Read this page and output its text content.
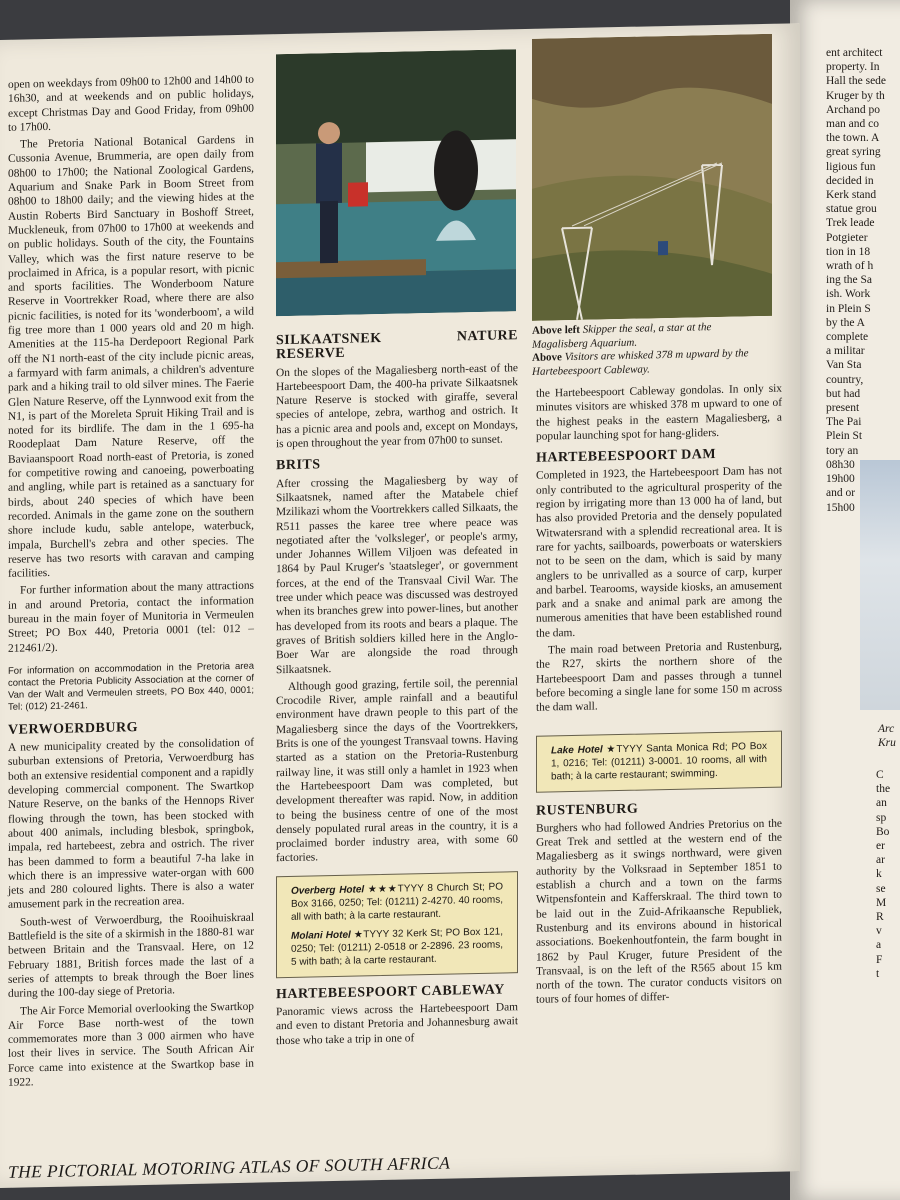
ent architect
property. In
Hall the sede
Kruger by th
Archand po
man and co
the town. A
great syring
ligious fun
decided in
Kerk stand
statue grou
Trek leade
Potgieter
tion in 18
wrath of h
ing the Sa
ish. Work
in Plein S
by the A
complete
a militar
Van Sta
country,
but had
present
The Pai
Plein St
tory an
08h30
19h00
and or
15h00
Arc
Kru
C
the
an
sp
Bo
er
ar
k
se
M
R
v
a
F
t

open on weekdays from 09h00 to 12h00 and 14h00 to 16h30, and at weekends and on public holidays, except Christmas Day and Good Friday, from 09h00 to 17h00.

The Pretoria National Botanical Gardens in Cussonia Avenue, Brummeria, are open daily from 08h00 to 17h00; the National Zoological Gardens, Aquarium and Snake Park in Boom Street from 08h00 to 18h00 daily; and the viewing hides at the Austin Roberts Bird Sanctuary in Boshoff Street, Muckleneuk, from 07h00 to 17h00 at weekends and on public holidays. South of the city, the Fountains Valley, which was the first nature reserve to be proclaimed in Africa, is a popular resort, with picnic and sports facilities. The Wonderboom Nature Reserve in Voortrekker Road, where there are also picnic facilities, is noted for its 'wonderboom', a wild fig tree more than 1 000 years old and 20 m high. Amenities at the 115-ha Derdepoort Regional Park off the N1 north-east of the city include picnic areas, a farmyard with farm animals, a children's adventure park and a hiking trail to old silver mines. The Faerie Glen Nature Reserve, off the Lynnwood exit from the N1, is part of the Moreleta Spruit Hiking Trail and is noted for its birdlife. The dam in the 1 695-ha Roodeplaat Dam Nature Reserve, off the Baviaanspoort Road north-east of Pretoria, is zoned for competitive rowing and canoeing, powerboating and angling, while part is retained as a sanctuary for birds, about 240 species of which have been recorded. Animals in the game zone on the southern shore include kudu, sable antelope, waterbuck, impala, Burchell's zebra and other species. The reserve has two resorts with caravan and camping facilities.

For further information about the many attractions in and around Pretoria, contact the information bureau in the main foyer of Munitoria in Vermeulen Street; PO Box 440, Pretoria 0001 (tel: 012 – 212461/2).

For information on accommodation in the Pretoria area contact the Pretoria Publicity Association at the corner of Van der Walt and Vermeulen streets, PO Box 440, 0001; Tel: (012) 21-2461.
VERWOERDBURG

A new municipality created by the consolidation of suburban extensions of Pretoria, Verwoerdburg has both an extensive residential component and a rapidly developing commercial component. The Swartkop Nature Reserve, on the banks of the Hennops River flowing through the town, has been stocked with about 400 animals, including blesbok, springbok, impala, red hartebeest, zebra and ostrich. The river has been dammed to form a beautiful 7-ha lake in which there is an impressive water-organ with 600 jets and 280 coloured lights. There is also a water amusement park in the recreation area.

South-west of Verwoerdburg, the Rooihuiskraal Battlefield is the site of a skirmish in the 1880-81 war between Britain and the Transvaal. Here, on 12 February 1881, British forces made the last of a series of attempts to break through the Boer lines during the 100-day siege of Pretoria.

The Air Force Memorial overlooking the Swartkop Air Force Base north-west of the town commemorates more than 3 000 airmen who have lost their lives in service. The South African Air Force came into existence at the Swartkop base in 1922.

Above left Skipper the seal, a star at the Magalisberg Aquarium.
Above Visitors are whisked 378 m upward by the Hartebeespoort Cableway.
SILKAATSNEK NATURE RESERVE

On the slopes of the Magaliesberg north-east of the Hartebeespoort Dam, the 400-ha private Silkaatsnek Nature Reserve is stocked with giraffe, several species of antelope, zebra, warthog and ostrich. It has a picnic area and pools and, except on Mondays, is open throughout the year from 07h00 to sunset.

BRITS

After crossing the Magaliesberg by way of Silkaatsnek, named after the Matabele chief Mzilikazi whom the Voortrekkers called Silkaats, the R511 passes the karee tree where peace was negotiated after the 'volksleger', or people's army, under Johannes Willem Viljoen was defeated in 1864 by Paul Kruger's 'staatsleger', or government forces, at the end of the Transvaal Civil War. The tree under which peace was discussed was destroyed when its branches grew into power-lines, but another has developed from its roots and bears a plaque. The graves of British soldiers killed here in the Anglo-Boer War are alongside the road through Silkaatsnek.

Although good grazing, fertile soil, the perennial Crocodile River, ample rainfall and a beautiful environment have drawn people to this part of the Magaliesberg since the days of the Voortrekkers, Brits is one of the youngest Transvaal towns. Having started as a station on the Pretoria-Rustenburg railway line, it was still only a hamlet in 1923 when the Hartebeespoort Dam was completed, but development thereafter was rapid. Now, in addition to being the business centre of one of the most densely populated rural areas in the country, it is a proclaimed border industry area, with some 60 factories.

Overberg Hotel ★★★TYYY 8 Church St; PO Box 3166, 0250; Tel: (01211) 2-4270. 40 rooms, all with bath; à la carte restaurant.
Molani Hotel ★TYYY 32 Kerk St; PO Box 121, 0250; Tel: (01211) 2-0518 or 2-2896. 23 rooms, 5 with bath; à la carte restaurant.
HARTEBEESPOORT CABLEWAY

Panoramic views across the Hartebeespoort Dam and even to distant Pretoria and Johannesburg await those who take a trip in one of

the Hartebeespoort Cableway gondolas. In only six minutes visitors are whisked 378 m upward to one of the highest peaks in the eastern Magaliesberg, a popular launching spot for hang-gliders.

HARTEBEESPOORT DAM

Completed in 1923, the Hartebeespoort Dam has not only contributed to the agricultural prosperity of the region by irrigating more than 13 000 ha of land, but has also provided Pretoria and the densely populated Witwatersrand with a splendid recreational area. It is rare for yachts, sailboards, powerboats or waterskiers not to be seen on the dam, which is said by many anglers to be unrivalled as a source of carp, kurper and barbel. Tearooms, wayside kiosks, an amusement park and a snake and animal park are among the numerous amenities that have been established round the dam.

The main road between Pretoria and Rustenburg, the R27, skirts the northern shore of the Hartebeespoort Dam and passes through a tunnel before becoming a single lane for some 150 m across the dam wall.

Lake Hotel ★TYYY Santa Monica Rd; PO Box 1, 0216; Tel: (01211) 3-0001. 10 rooms, all with bath; à la carte restaurant; swimming.
RUSTENBURG

Burghers who had followed Andries Pretorius on the Great Trek and settled at the western end of the Magaliesberg as it swings northward, were given authority by the Volksraad in September 1851 to establish a church and a town on the farms Witpensfontein and Kafferskraal. The third town to be laid out in the Zuid-Afrikaansche Republiek, Rustenburg and its environs abound in historical associations. Boekenhoutfontein, the farm bought in 1862 by Paul Kruger, future President of the Transvaal, is on the left of the R565 about 15 km north of the town. The curator conducts visitors on tours of four homes of differ-

THE PICTORIAL MOTORING ATLAS OF SOUTH AFRICA
